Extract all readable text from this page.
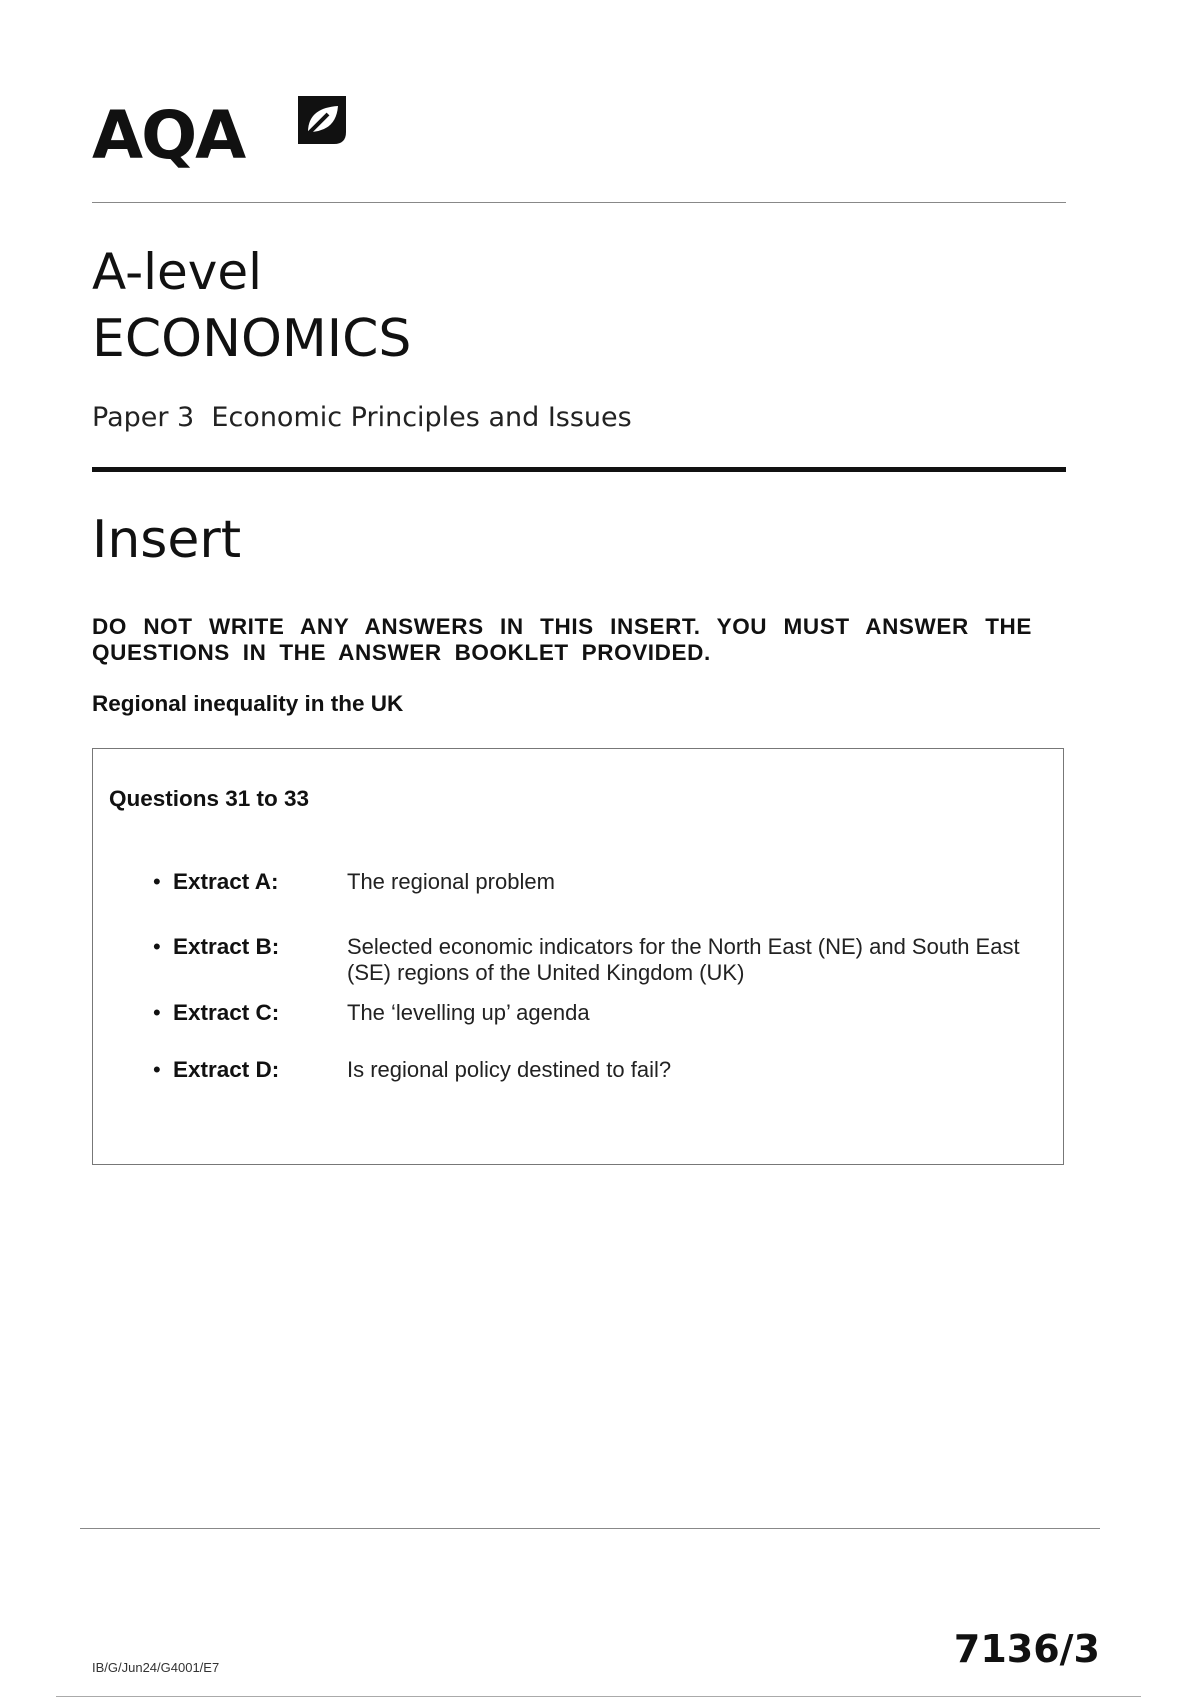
AQA
A-level
ECONOMICS
Paper 3  Economic Principles and Issues
Insert
DO NOT WRITE ANY ANSWERS IN THIS INSERT. YOU MUST ANSWER THE QUESTIONS IN THE ANSWER BOOKLET PROVIDED.
Regional inequality in the UK
Questions 31 to 33
• Extract A:	The regional problem
• Extract B:	Selected economic indicators for the North East (NE) and South East (SE) regions of the United Kingdom (UK)
• Extract C:	The ‘levelling up’ agenda
• Extract D:	Is regional policy destined to fail?
IB/G/Jun24/G4001/E7	7136/3
